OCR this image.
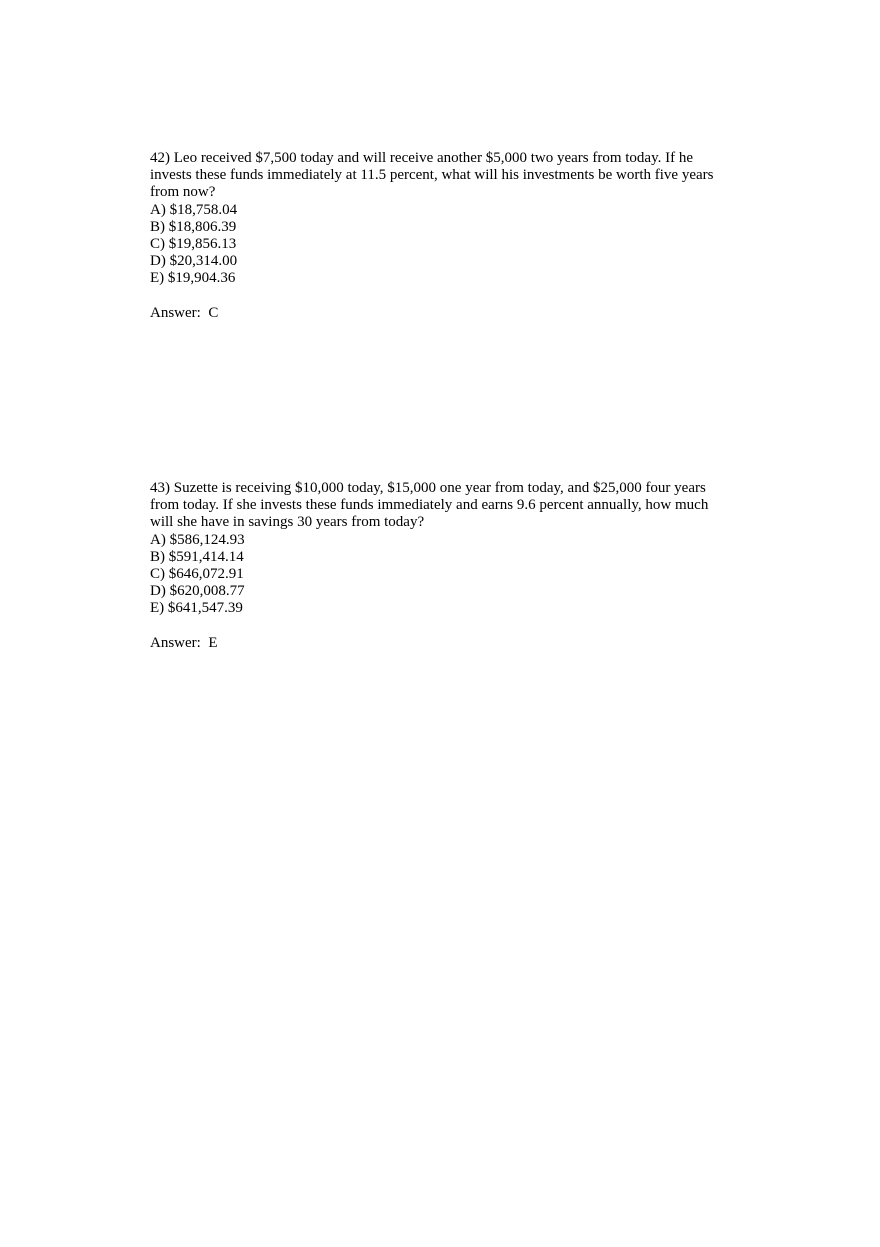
42) Leo received $7,500 today and will receive another $5,000 two years from today. If he
invests these funds immediately at 11.5 percent, what will his investments be worth five years
from now?
A) $18,758.04
B) $18,806.39
C) $19,856.13
D) $20,314.00
E) $19,904.36
Answer:  C
43) Suzette is receiving $10,000 today, $15,000 one year from today, and $25,000 four years
from today. If she invests these funds immediately and earns 9.6 percent annually, how much
will she have in savings 30 years from today?
A) $586,124.93
B) $591,414.14
C) $646,072.91
D) $620,008.77
E) $641,547.39
Answer:  E
